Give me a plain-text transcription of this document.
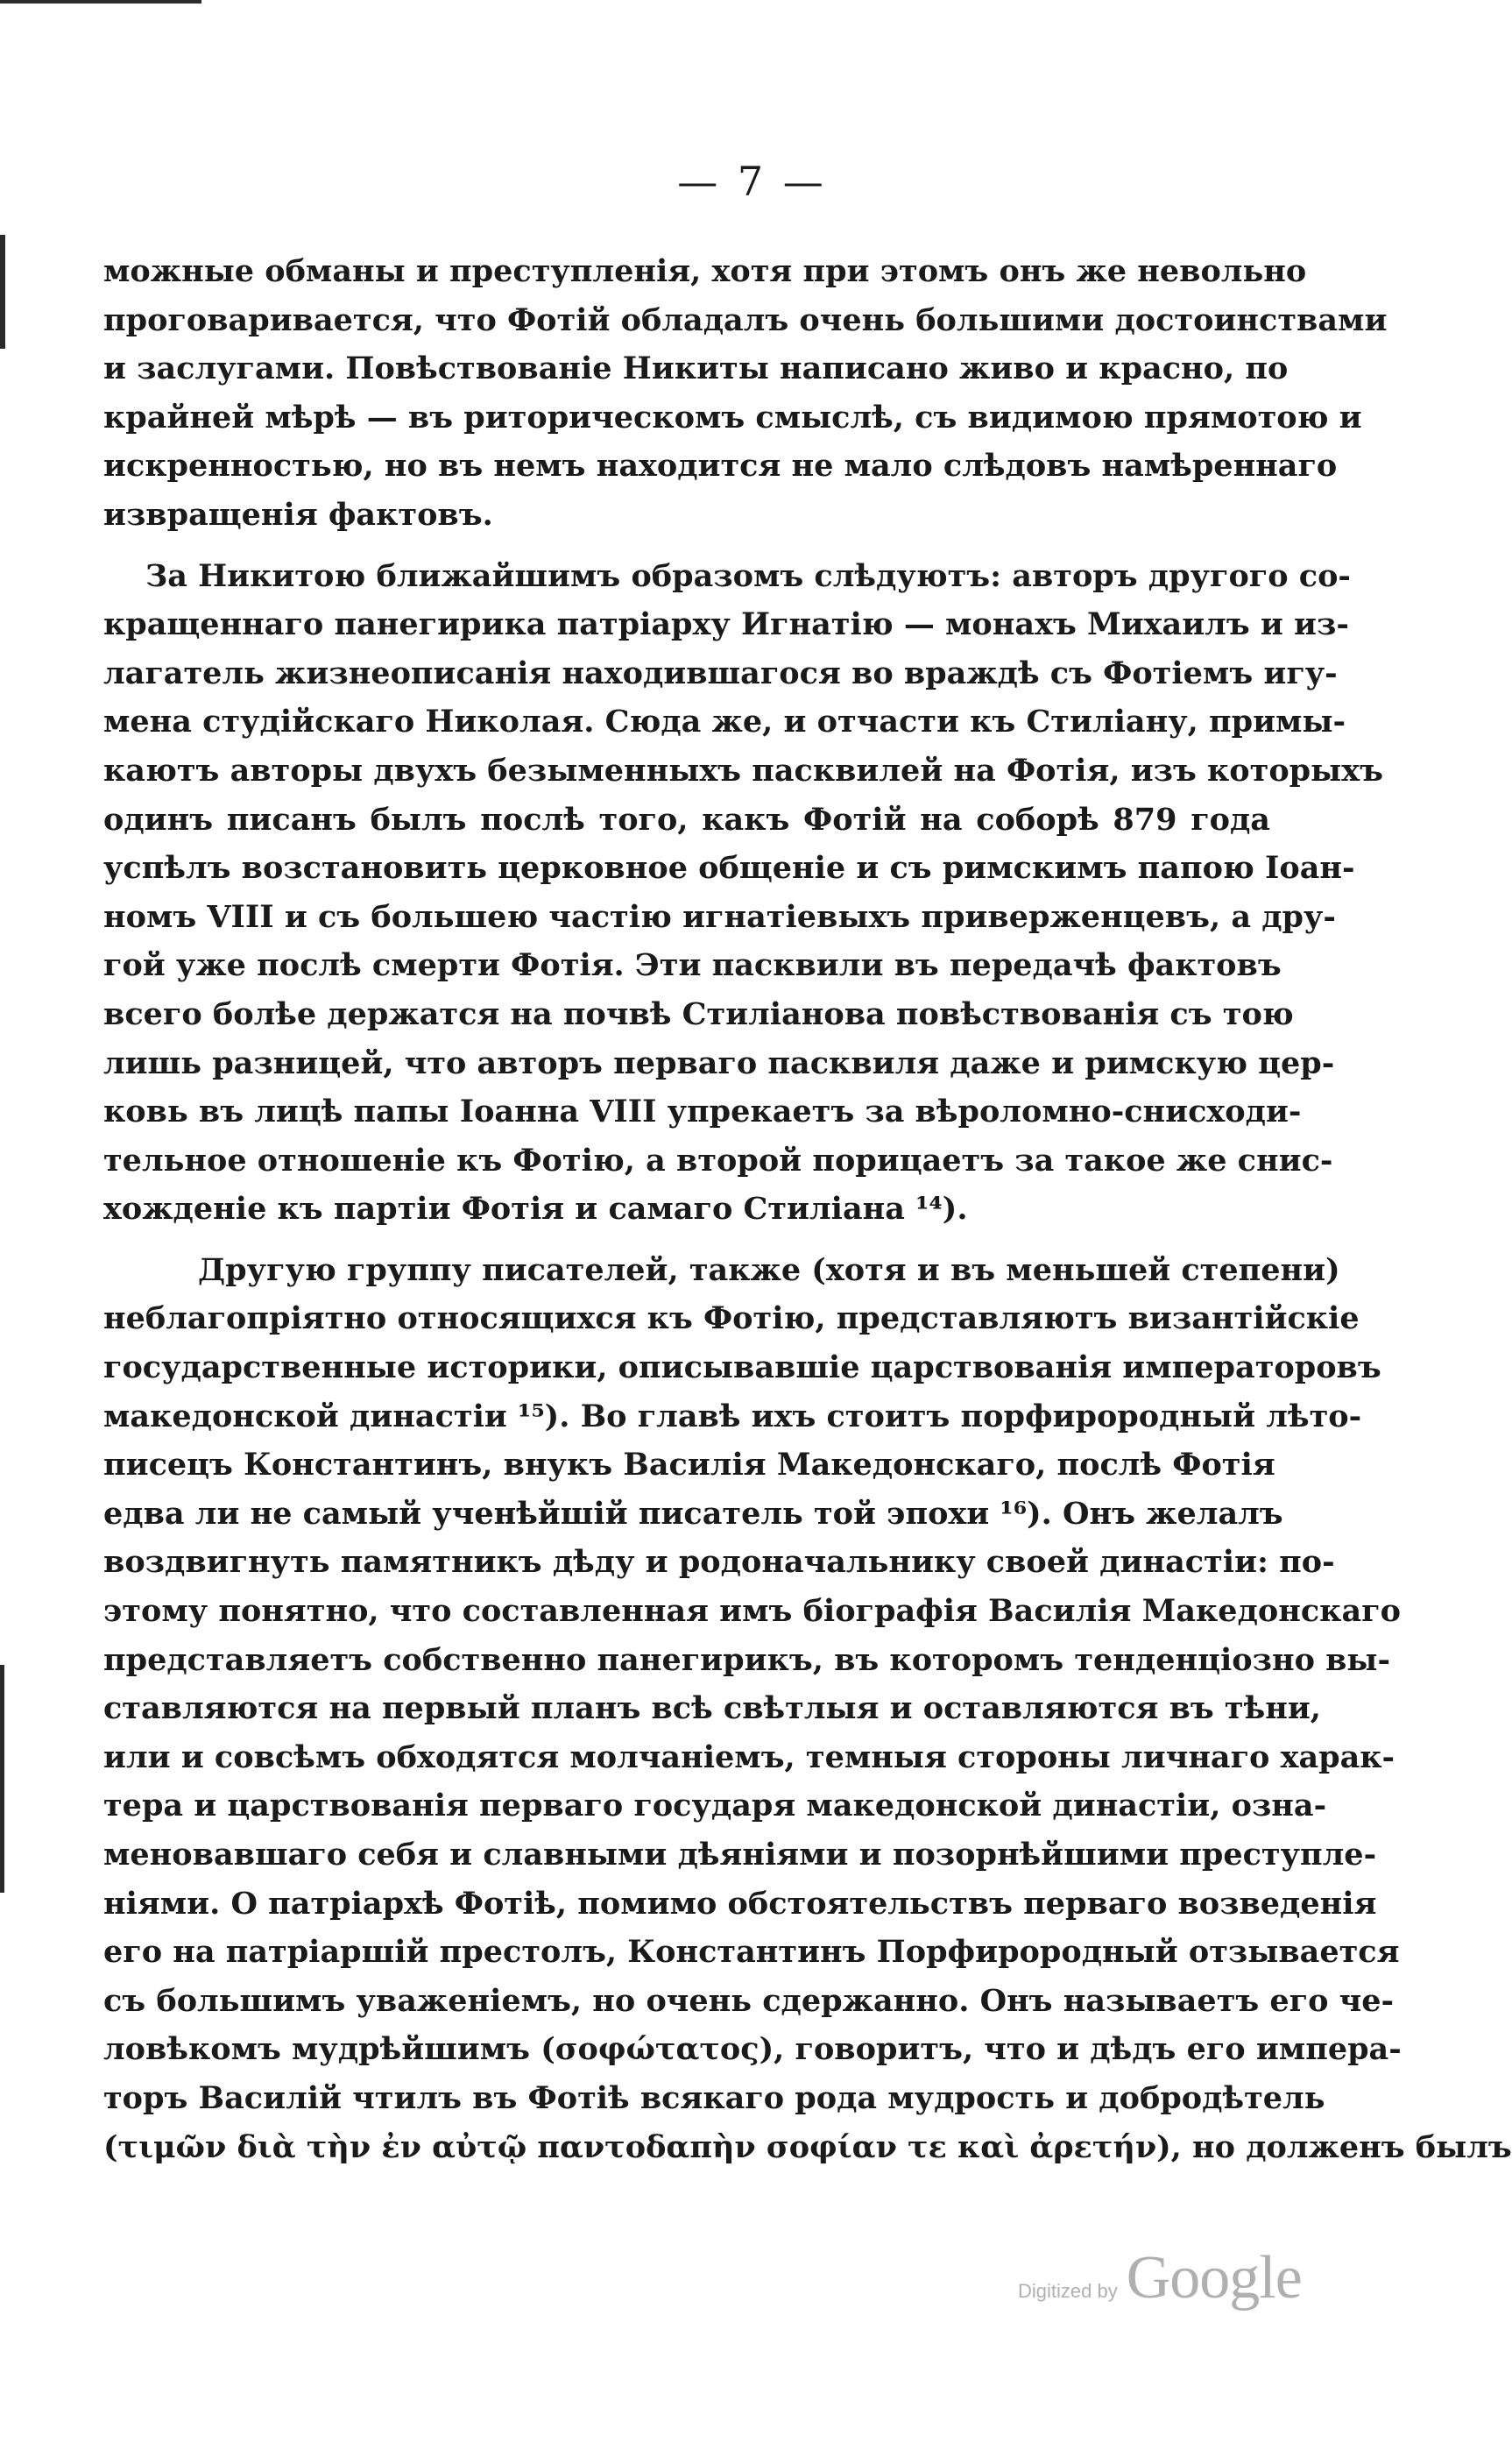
— 7 —
можные обманы и преступленія, хотя при этомъ онъ же невольно
проговаривается, что Фотій обладалъ очень большими достоинствами
и заслугами. Повѣствованіе Никиты написано живо и красно, по
крайней мѣрѣ — въ риторическомъ смыслѣ, съ видимою прямотою и
искренностью, но въ немъ находится не мало слѣдовъ намѣреннаго
извращенія фактовъ.
За Никитою ближайшимъ образомъ слѣдуютъ: авторъ другого со-
кращеннаго панегирика патріарху Игнатію — монахъ Михаилъ и из-
лагатель жизнеописанія находившагося во враждѣ съ Фотіемъ игу-
мена студійскаго Николая. Сюда же, и отчасти къ Стиліану, примы-
каютъ авторы двухъ безыменныхъ пасквилей на Фотія, изъ которыхъ
одинъ писанъ былъ послѣ того, какъ Фотій на соборѣ 879 года
успѣлъ возстановить церковное общеніе и съ римскимъ папою Іоан-
номъ VIII и съ большею частію игнатіевыхъ приверженцевъ, а дру-
гой уже послѣ смерти Фотія. Эти пасквили въ передачѣ фактовъ
всего болѣе держатся на почвѣ Стиліанова повѣствованія съ тою
лишь разницей, что авторъ перваго пасквиля даже и римскую цер-
ковь въ лицѣ папы Іоанна VIII упрекаетъ за вѣроломно-снисходи-
тельное отношеніе къ Фотію, а второй порицаетъ за такое же снис-
хожденіе къ партіи Фотія и самаго Стиліана ¹⁴).
Другую группу писателей, также (хотя и въ меньшей степени)
неблагопріятно относящихся къ Фотію, представляютъ византійскіе
государственные историки, описывавшіе царствованія императоровъ
македонской династіи ¹⁵). Во главѣ ихъ стоитъ порфирородный лѣто-
писецъ Константинъ, внукъ Василія Македонскаго, послѣ Фотія
едва ли не самый ученѣйшій писатель той эпохи ¹⁶). Онъ желалъ
воздвигнуть памятникъ дѣду и родоначальнику своей династіи: по-
этому понятно, что составленная имъ біографія Василія Македонскаго
представляетъ собственно панегирикъ, въ которомъ тенденціозно вы-
ставляются на первый планъ всѣ свѣтлыя и оставляются въ тѣни,
или и совсѣмъ обходятся молчаніемъ, темныя стороны личнаго харак-
тера и царствованія перваго государя македонской династіи, озна-
меновавшаго себя и славными дѣяніями и позорнѣйшими преступле-
ніями. О патріархѣ Фотіѣ, помимо обстоятельствъ перваго возведенія
его на патріаршій престолъ, Константинъ Порфирородный отзывается
съ большимъ уваженіемъ, но очень сдержанно. Онъ называетъ его че-
ловѣкомъ мудрѣйшимъ (σοφώτατος), говоритъ, что и дѣдъ его импера-
торъ Василій чтилъ въ Фотіѣ всякаго рода мудрость и добродѣтель
(τιμῶν διὰ τὴν ἐν αὐτῷ παντοδαπὴν σοφίαν τε καὶ ἀρετήν), но долженъ былъ
Digitized by Google
